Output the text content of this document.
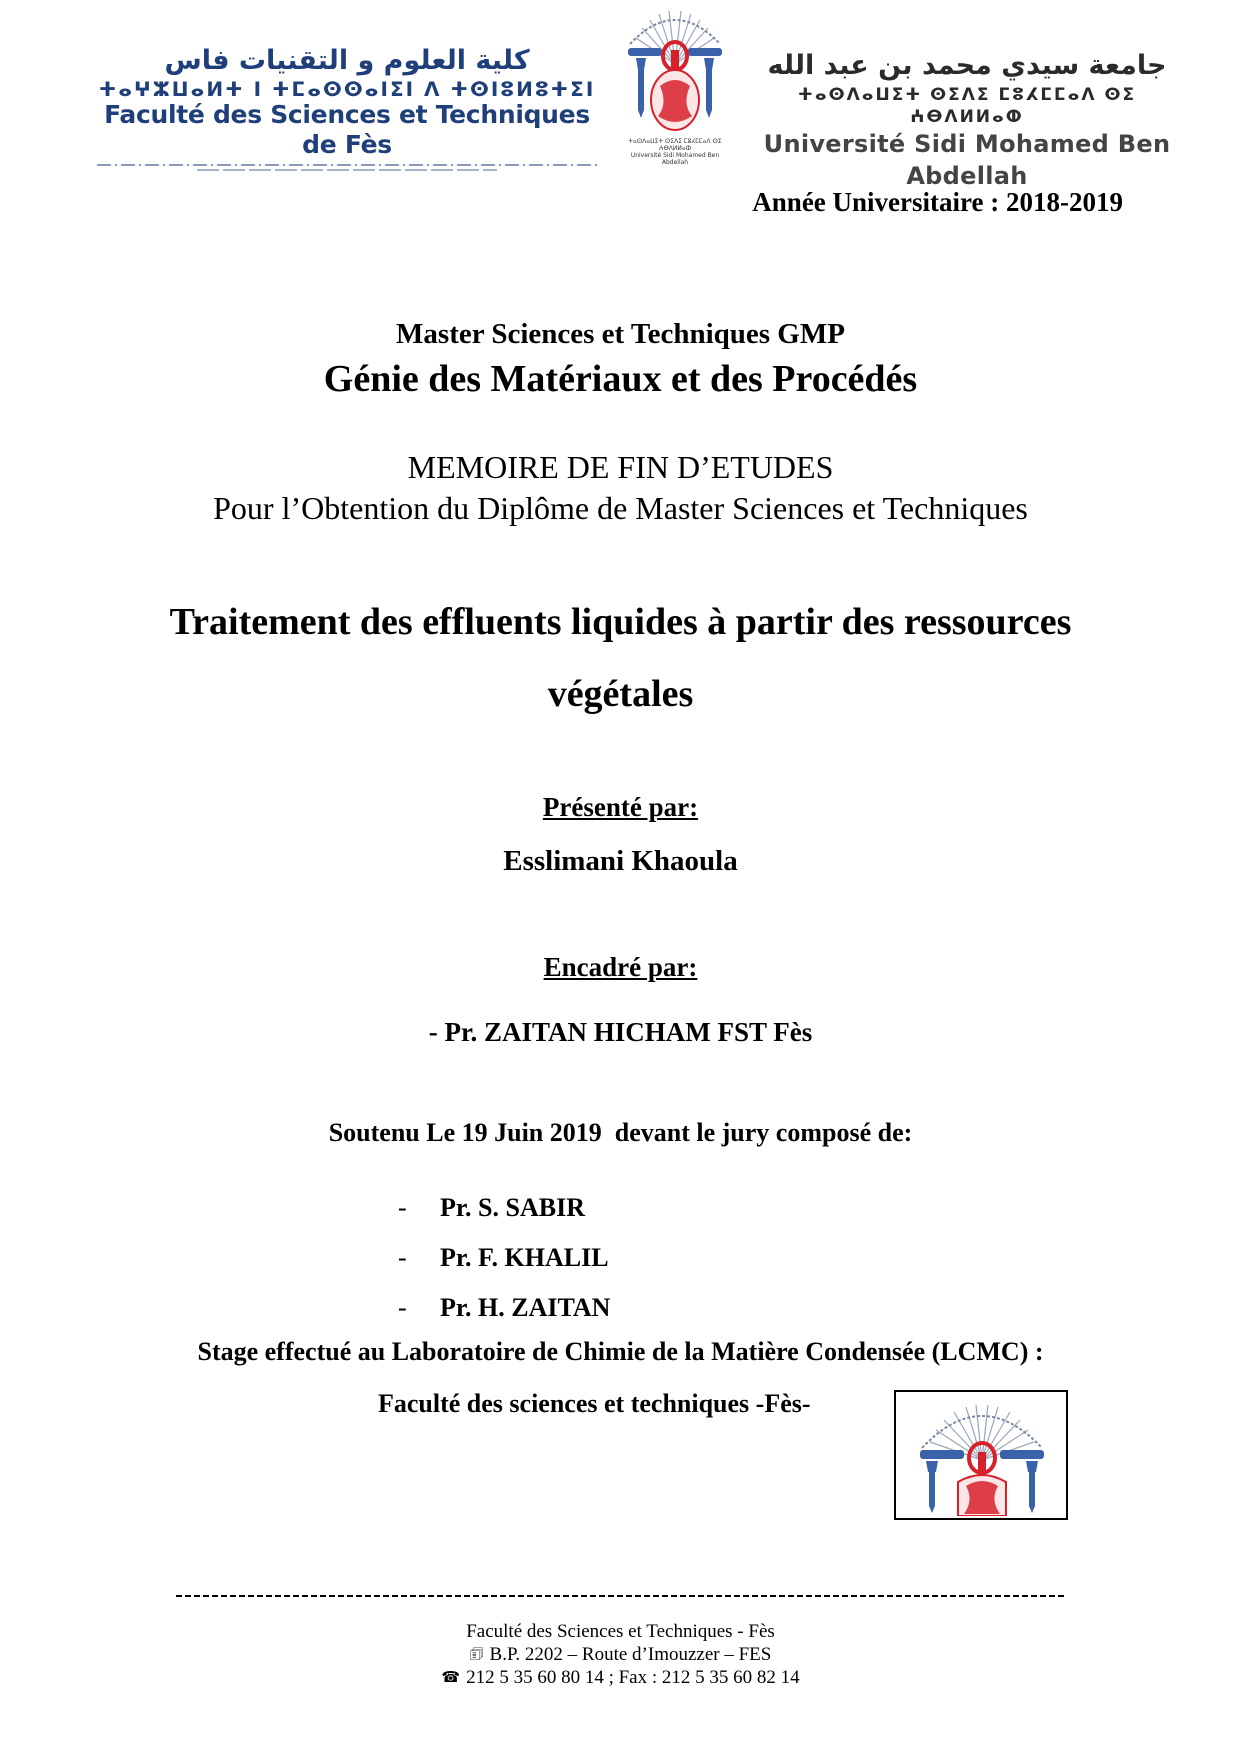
كلية العلوم و التقنيات فاس
ⵜⴰⵖⵣⵡⴰⵍⵜ ⵏ ⵜⵎⴰⵙⵙⴰⵏⵉⵏ ⴷ ⵜⵙⵏⵓⵍⵓⵜⵉⵏ
Faculté des Sciences et Techniques de Fès	ⵜⴰⵙⴷⴰⵡⵉⵜ ⵙⵉⴷⵉ ⵎⵓⵃⵎⵎⴰⴷ ⵙⵉ ⵄⴱⴷⵍⵍⴰⵀ
Université Sidi Mohamed Ben Abdellah
جامعة سيدي محمد بن عبد الله
ⵜⴰⵙⴷⴰⵡⵉⵜ ⵙⵉⴷⵉ ⵎⵓⵃⵎⵎⴰⴷ ⵙⵉ ⵄⴱⴷⵍⵍⴰⵀ
Université Sidi Mohamed Ben Abdellah
Année Universitaire : 2018-2019
Master Sciences et Techniques GMP
Génie des Matériaux et des Procédés
MEMOIRE DE FIN D’ETUDES
Pour l’Obtention du Diplôme de Master Sciences et Techniques
Traitement des effluents liquides à partir des ressources
végétales
Présenté par:
Esslimani Khaoula
Encadré par:
- Pr. ZAITAN HICHAM FST Fès
Soutenu Le 19 Juin 2019  devant le jury composé de:
-	Pr. S. SABIR
-	Pr. F. KHALIL
-	Pr. H. ZAITAN
Stage effectué au Laboratoire de Chimie de la Matière Condensée (LCMC) :
Faculté des sciences et techniques -Fès-
Faculté des Sciences et Techniques - Fès
🗊 B.P. 2202 – Route d’Imouzzer – FES
☎ 212 5 35 60 80 14 ; Fax : 212 5 35 60 82 14
